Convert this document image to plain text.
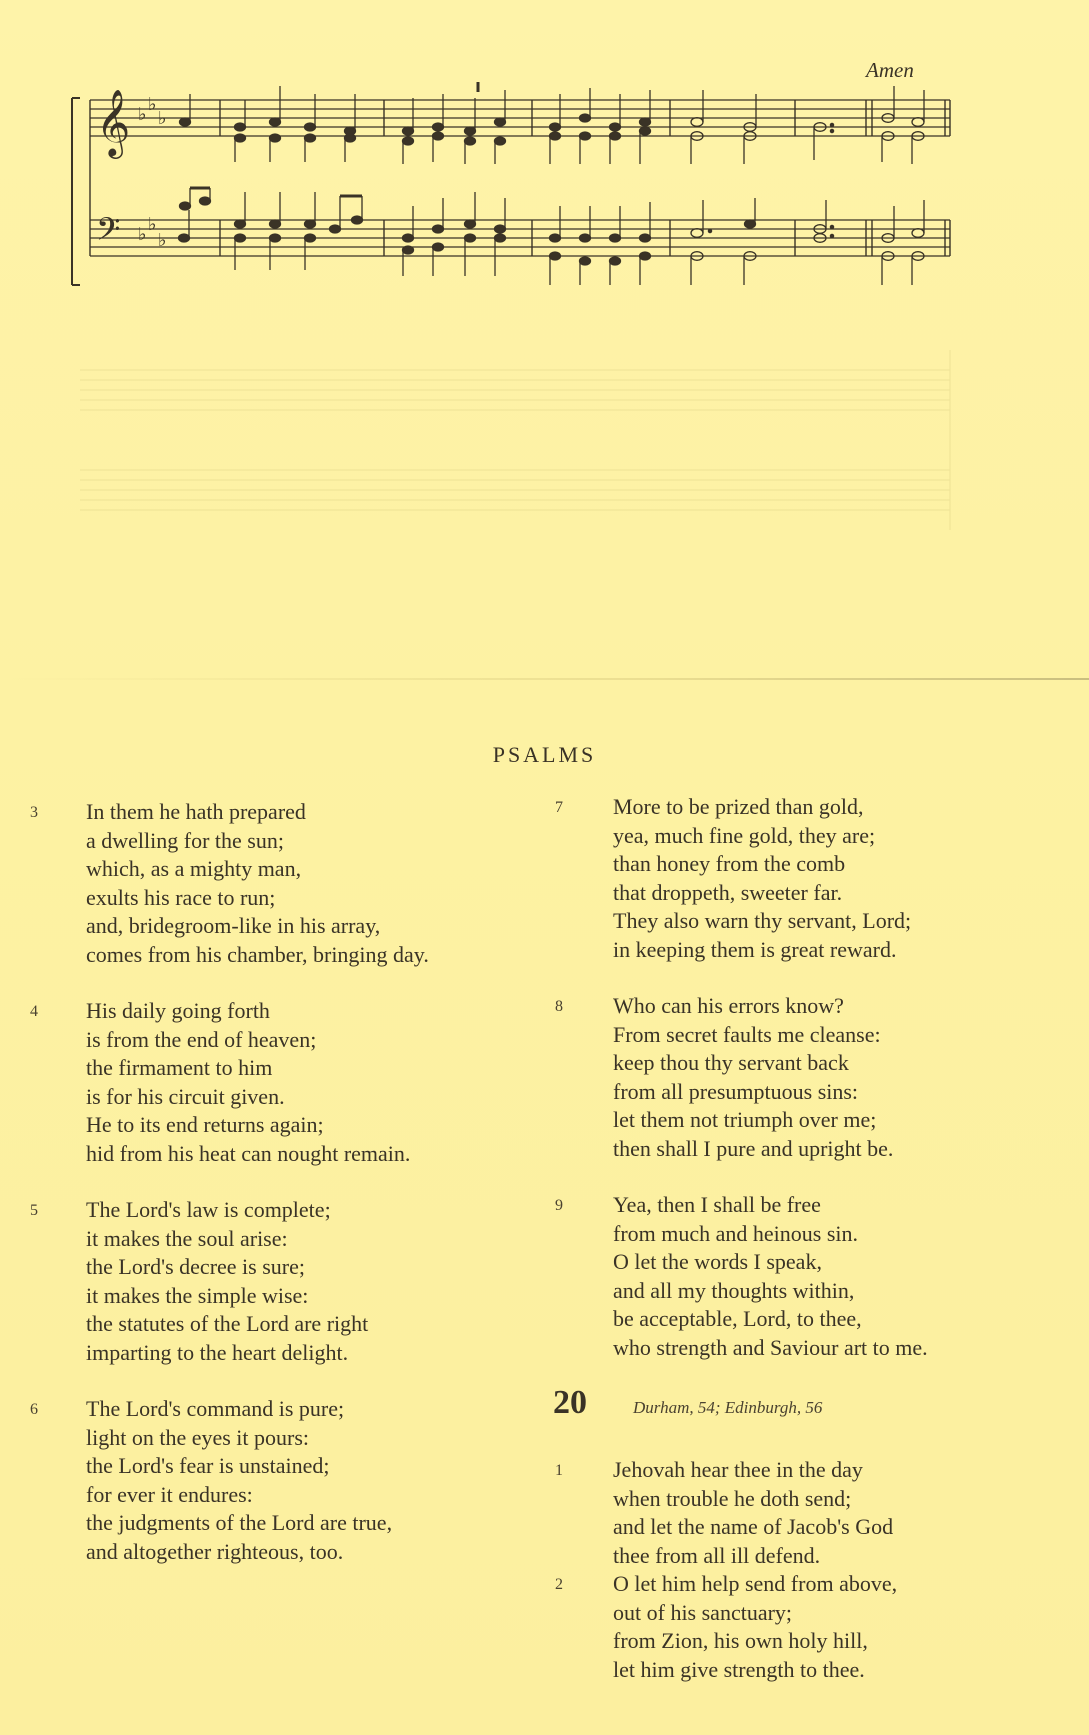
Amen
𝄞
𝄢
♭ ♭
♭
♭ ♭
♭
PSALMS
3	In them he hath prepared
a dwelling for the sun;
which, as a mighty man,
exults his race to run;
and, bridegroom-like in his array,
comes from his chamber, bringing day.
4	His daily going forth
is from the end of heaven;
the firmament to him
is for his circuit given.
He to its end returns again;
hid from his heat can nought remain.
5	The Lord's law is complete;
it makes the soul arise:
the Lord's decree is sure;
it makes the simple wise:
the statutes of the Lord are right
imparting to the heart delight.
6	The Lord's command is pure;
light on the eyes it pours:
the Lord's fear is unstained;
for ever it endures:
the judgments of the Lord are true,
and altogether righteous, too.
7	More to be prized than gold,
yea, much fine gold, they are;
than honey from the comb
that droppeth, sweeter far.
They also warn thy servant, Lord;
in keeping them is great reward.
8	Who can his errors know?
From secret faults me cleanse:
keep thou thy servant back
from all presumptuous sins:
let them not triumph over me;
then shall I pure and upright be.
9	Yea, then I shall be free
from much and heinous sin.
O let the words I speak,
and all my thoughts within,
be acceptable, Lord, to thee,
who strength and Saviour art to me.
20	Durham, 54; Edinburgh, 56
1	Jehovah hear thee in the day
when trouble he doth send;
and let the name of Jacob's God
thee from all ill defend.
2	O let him help send from above,
out of his sanctuary;
from Zion, his own holy hill,
let him give strength to thee.
